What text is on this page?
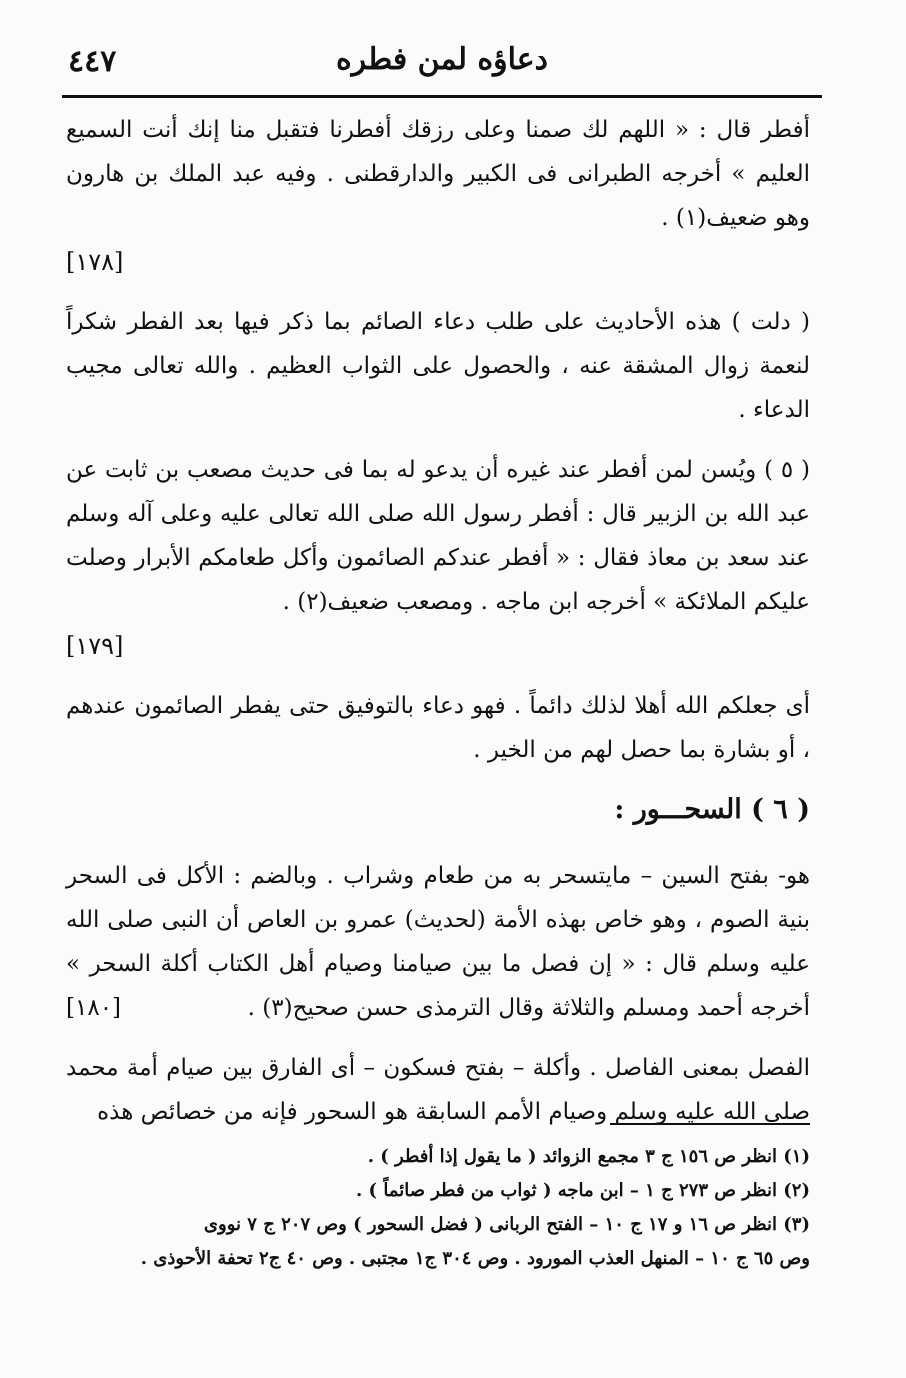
٤٤٧	دعاؤه لمن فطره

أفطر قال : « اللهم لك صمنا وعلى رزقك أفطرنا فتقبل منا إنك أنت السميع العليم » أخرجه الطبرانى فى الكبير والدارقطنى . وفيه عبد الملك بن هارون وهو ضعيف(١) .
[١٧٨]

( دلت ) هذه الأحاديث على طلب دعاء الصائم بما ذكر فيها بعد الفطر شكراً لنعمة زوال المشقة عنه ، والحصول على الثواب العظيم . والله تعالى مجيب الدعاء .

( ٥ ) ويُسن لمن أفطر عند غيره أن يدعو له بما فى حديث مصعب بن ثابت عن عبد الله بن الزبير قال : أفطر رسول الله صلى الله تعالى عليه وعلى آله وسلم عند سعد بن معاذ فقال : « أفطر عندكم الصائمون وأكل طعامكم الأبرار وصلت عليكم الملائكة » أخرجه ابن ماجه . ومصعب ضعيف(٢) .
[١٧٩]

أى جعلكم الله أهلا لذلك دائماً . فهو دعاء بالتوفيق حتى يفطر الصائمون عندهم ، أو بشارة بما حصل لهم من الخير .

( ٦ ) السحـــور :

هو- بفتح السين – مايتسحر به من طعام وشراب . وبالضم : الأكل فى السحر بنية الصوم ، وهو خاص بهذه الأمة (لحديث) عمرو بن العاص أن النبى صلى الله عليه وسلم قال : « إن فصل ما بين صيامنا وصيام أهل الكتاب أكلة السحر » أخرجه أحمد ومسلم والثلاثة وقال الترمذى حسن صحيح(٣) .
[١٨٠]

الفصل بمعنى الفاصل . وأكلة – بفتح فسكون – أى الفارق بين صيام أمة محمد صلى الله عليه وسلم وصيام الأمم السابقة هو السحور فإنه من خصائص هذه

(١) انظر ص ١٥٦ ج ٣ مجمع الزوائد ( ما يقول إذا أفطر ) .

(٢) انظر ص ٢٧٣ ج ١ – ابن ماجه ( ثواب من فطر صائماً ) .

(٣) انظر ص ١٦ و ١٧ ج ١٠ – الفتح الربانى ( فضل السحور ) وص ٢٠٧ ج ٧ نووى

وص ٦٥ ج ١٠ – المنهل العذب المورود . وص ٣٠٤ ج١ مجتبى . وص ٤٠ ج٢ تحفة الأحوذى .
